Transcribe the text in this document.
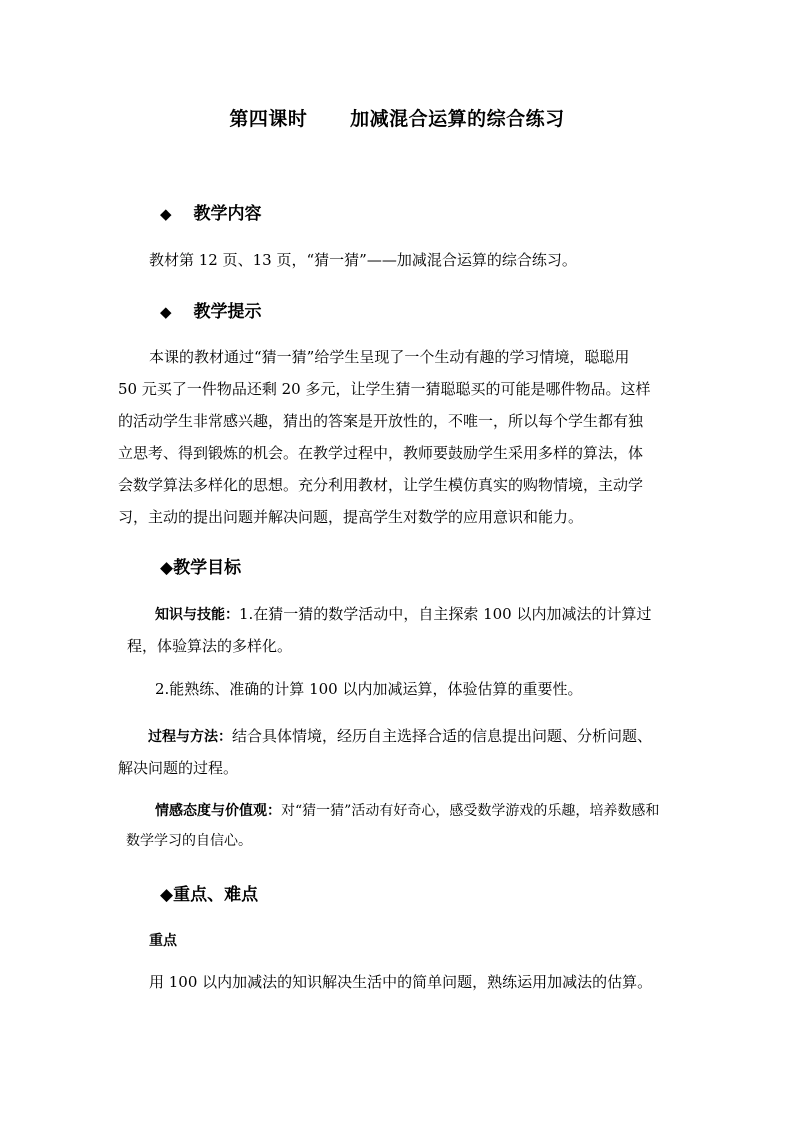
第四课时      加减混合运算的综合练习
◆ 教学内容
教材第 12 页、13 页，“猜一猜”——加减混合运算的综合练习。
◆ 教学提示
本课的教材通过“猜一猜”给学生呈现了一个生动有趣的学习情境，聪聪用
50 元买了一件物品还剩 20 多元，让学生猜一猜聪聪买的可能是哪件物品。这样
的活动学生非常感兴趣，猜出的答案是开放性的，不唯一，所以每个学生都有独
立思考、得到锻炼的机会。在教学过程中，教师要鼓励学生采用多样的算法，体
会数学算法多样化的思想。充分利用教材，让学生模仿真实的购物情境，主动学
习，主动的提出问题并解决问题，提高学生对数学的应用意识和能力。
◆教学目标
知识与技能：1.在猜一猜的数学活动中，自主探索 100 以内加减法的计算过
程，体验算法的多样化。
2.能熟练、准确的计算 100 以内加减运算，体验估算的重要性。
过程与方法：结合具体情境，经历自主选择合适的信息提出问题、分析问题、
解决问题的过程。
情感态度与价值观：对“猜一猜”活动有好奇心，感受数学游戏的乐趣，培养数感和
数学学习的自信心。
◆重点、难点
重点
用 100 以内加减法的知识解决生活中的简单问题，熟练运用加减法的估算。
